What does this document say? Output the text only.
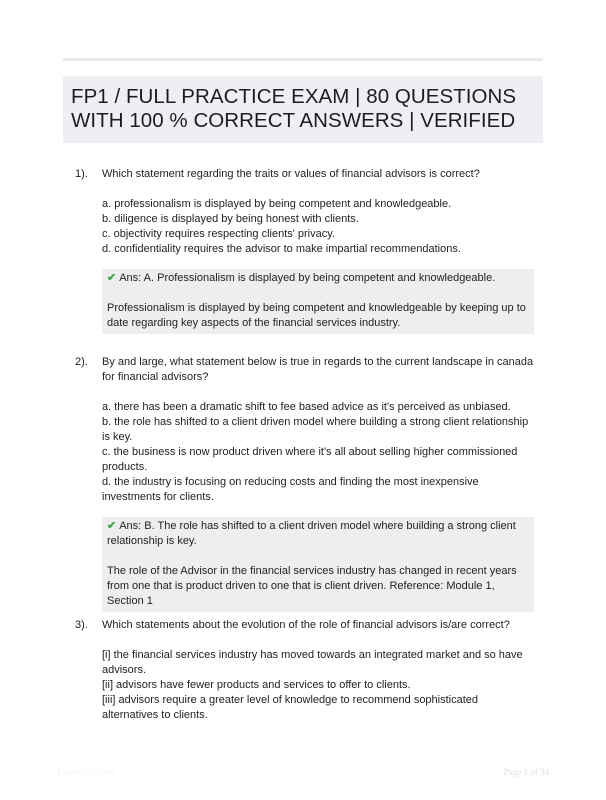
FP1 / FULL PRACTICE EXAM | 80 QUESTIONS WITH 100 % CORRECT ANSWERS | VERIFIED
1). Which statement regarding the traits or values of financial advisors is correct?

a. professionalism is displayed by being competent and knowledgeable.
b. diligence is displayed by being honest with clients.
c. objectivity requires respecting clients' privacy.
d. confidentiality requires the advisor to make impartial recommendations.

✔ Ans: A. Professionalism is displayed by being competent and knowledgeable.

Professionalism is displayed by being competent and knowledgeable by keeping up to date regarding key aspects of the financial services industry.

2). By and large, what statement below is true in regards to the current landscape in canada for financial advisors?

a. there has been a dramatic shift to fee based advice as it's perceived as unbiased.
b. the role has shifted to a client driven model where building a strong client relationship is key.
c. the business is now product driven where it's all about selling higher commissioned products.
d. the industry is focusing on reducing costs and finding the most inexpensive investments for clients.

✔ Ans: B. The role has shifted to a client driven model where building a strong client relationship is key.

The role of the Advisor in the financial services industry has changed in recent years from one that is product driven to one that is client driven. Reference: Module 1, Section 1

3). Which statements about the evolution of the role of financial advisors is/are correct?

[i] the financial services industry has moved towards an integrated market and so have advisors.
[ii] advisors have fewer products and services to offer to clients.
[iii] advisors require a greater level of knowledge to recommend sophisticated alternatives to clients.
PaperStitic.com	Page 1 of 34
